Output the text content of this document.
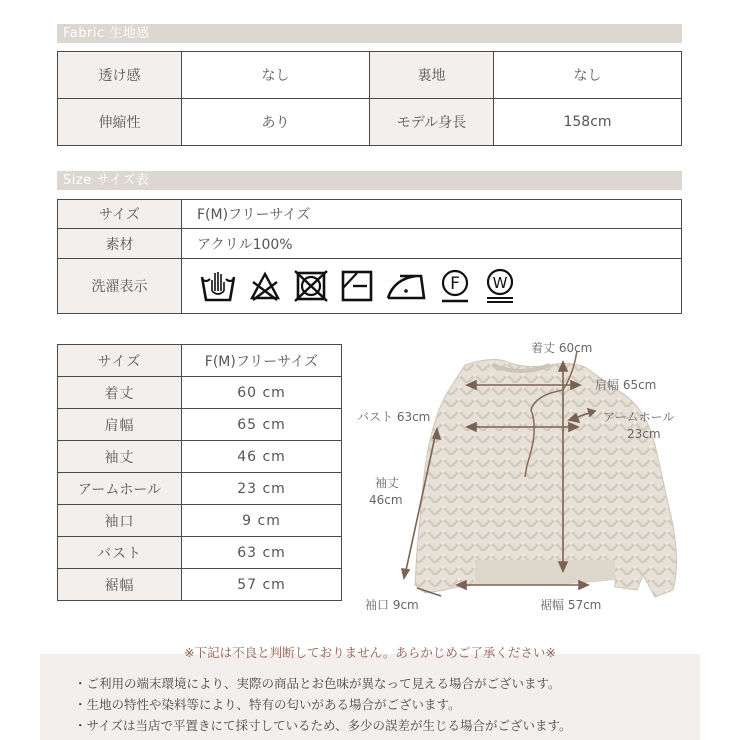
Fabric 生地感
透け感	なし	裏地	なし
伸縮性	あり	モデル身長	158cm
Size サイズ表
サイズ	F(M)フリーサイズ
素材	アクリル100%
洗濯表示	F W
サイズ	F(M)フリーサイズ
着丈	60 cm
肩幅	65 cm
袖丈	46 cm
アームホール	23 cm
袖口	9 cm
バスト	63 cm
裾幅	57 cm
着丈 60cm
肩幅 65cm
バスト 63cm	アームホール
23cm
袖丈
46cm
袖口 9cm	裾幅 57cm
※下記は不良と判断しておりません。あらかじめご了承ください※
・ご利用の端末環境により、実際の商品とお色味が異なって見える場合がございます。
・生地の特性や染料等により、特有の匂いがある場合がございます。
・サイズは当店で平置きにて採寸しているため、多少の誤差が生じる場合がございます。
